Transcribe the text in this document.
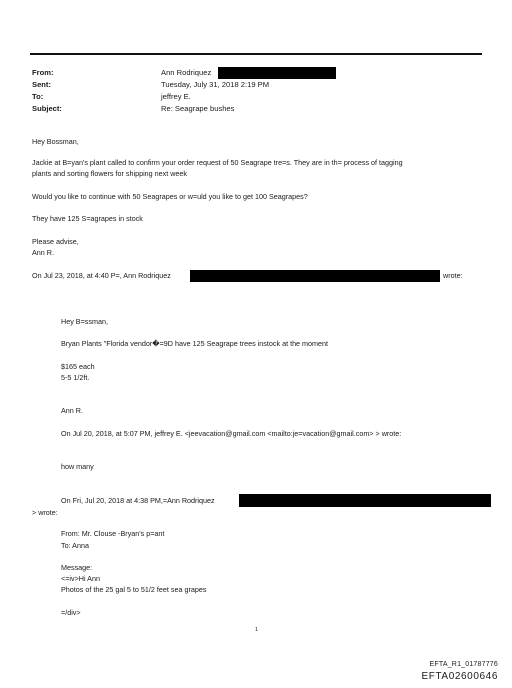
From:
Sent:
To:
Subject:
Ann Rodriquez
Tuesday, July 31, 2018 2:19 PM
jeffrey E.
Re: Seagrape bushes
Hey Bossman,
Jackie at B=yan's plant called to confirm your order request of 50 Seagrape tre=s. They are in th= process of tagging
plants and sorting flowers for shipping next week
Would you like to continue with 50 Seagrapes or w=uld you like to get 100 Seagrapes?
They have 125 S=agrapes in stock
Please advise,
Ann R.
On Jul 23, 2018, at 4:40 P=, Ann Rodriquez	wrote:
Hey B=ssman,
Bryan Plants "Florida vendor�=9D have 125 Seagrape trees instock at the moment
$165 each
5-5 1/2ft.
Ann R.
On Jul 20, 2018, at 5:07 PM, jeffrey E. <jeevacation@gmail.com <mailto:je=vacation@gmail.com> > wrote:
how many
On Fri, Jul 20, 2018 at 4:38 PM,=Ann Rodriquez
> wrote:
From: Mr. Clouse -Bryan's p=ant
To: Anna
Message:
<=iv>Hi Ann
Photos of the 25 gal 5 to 51/2 feet sea grapes
=/div>
1
EFTA_R1_01787776
EFTA02600646
